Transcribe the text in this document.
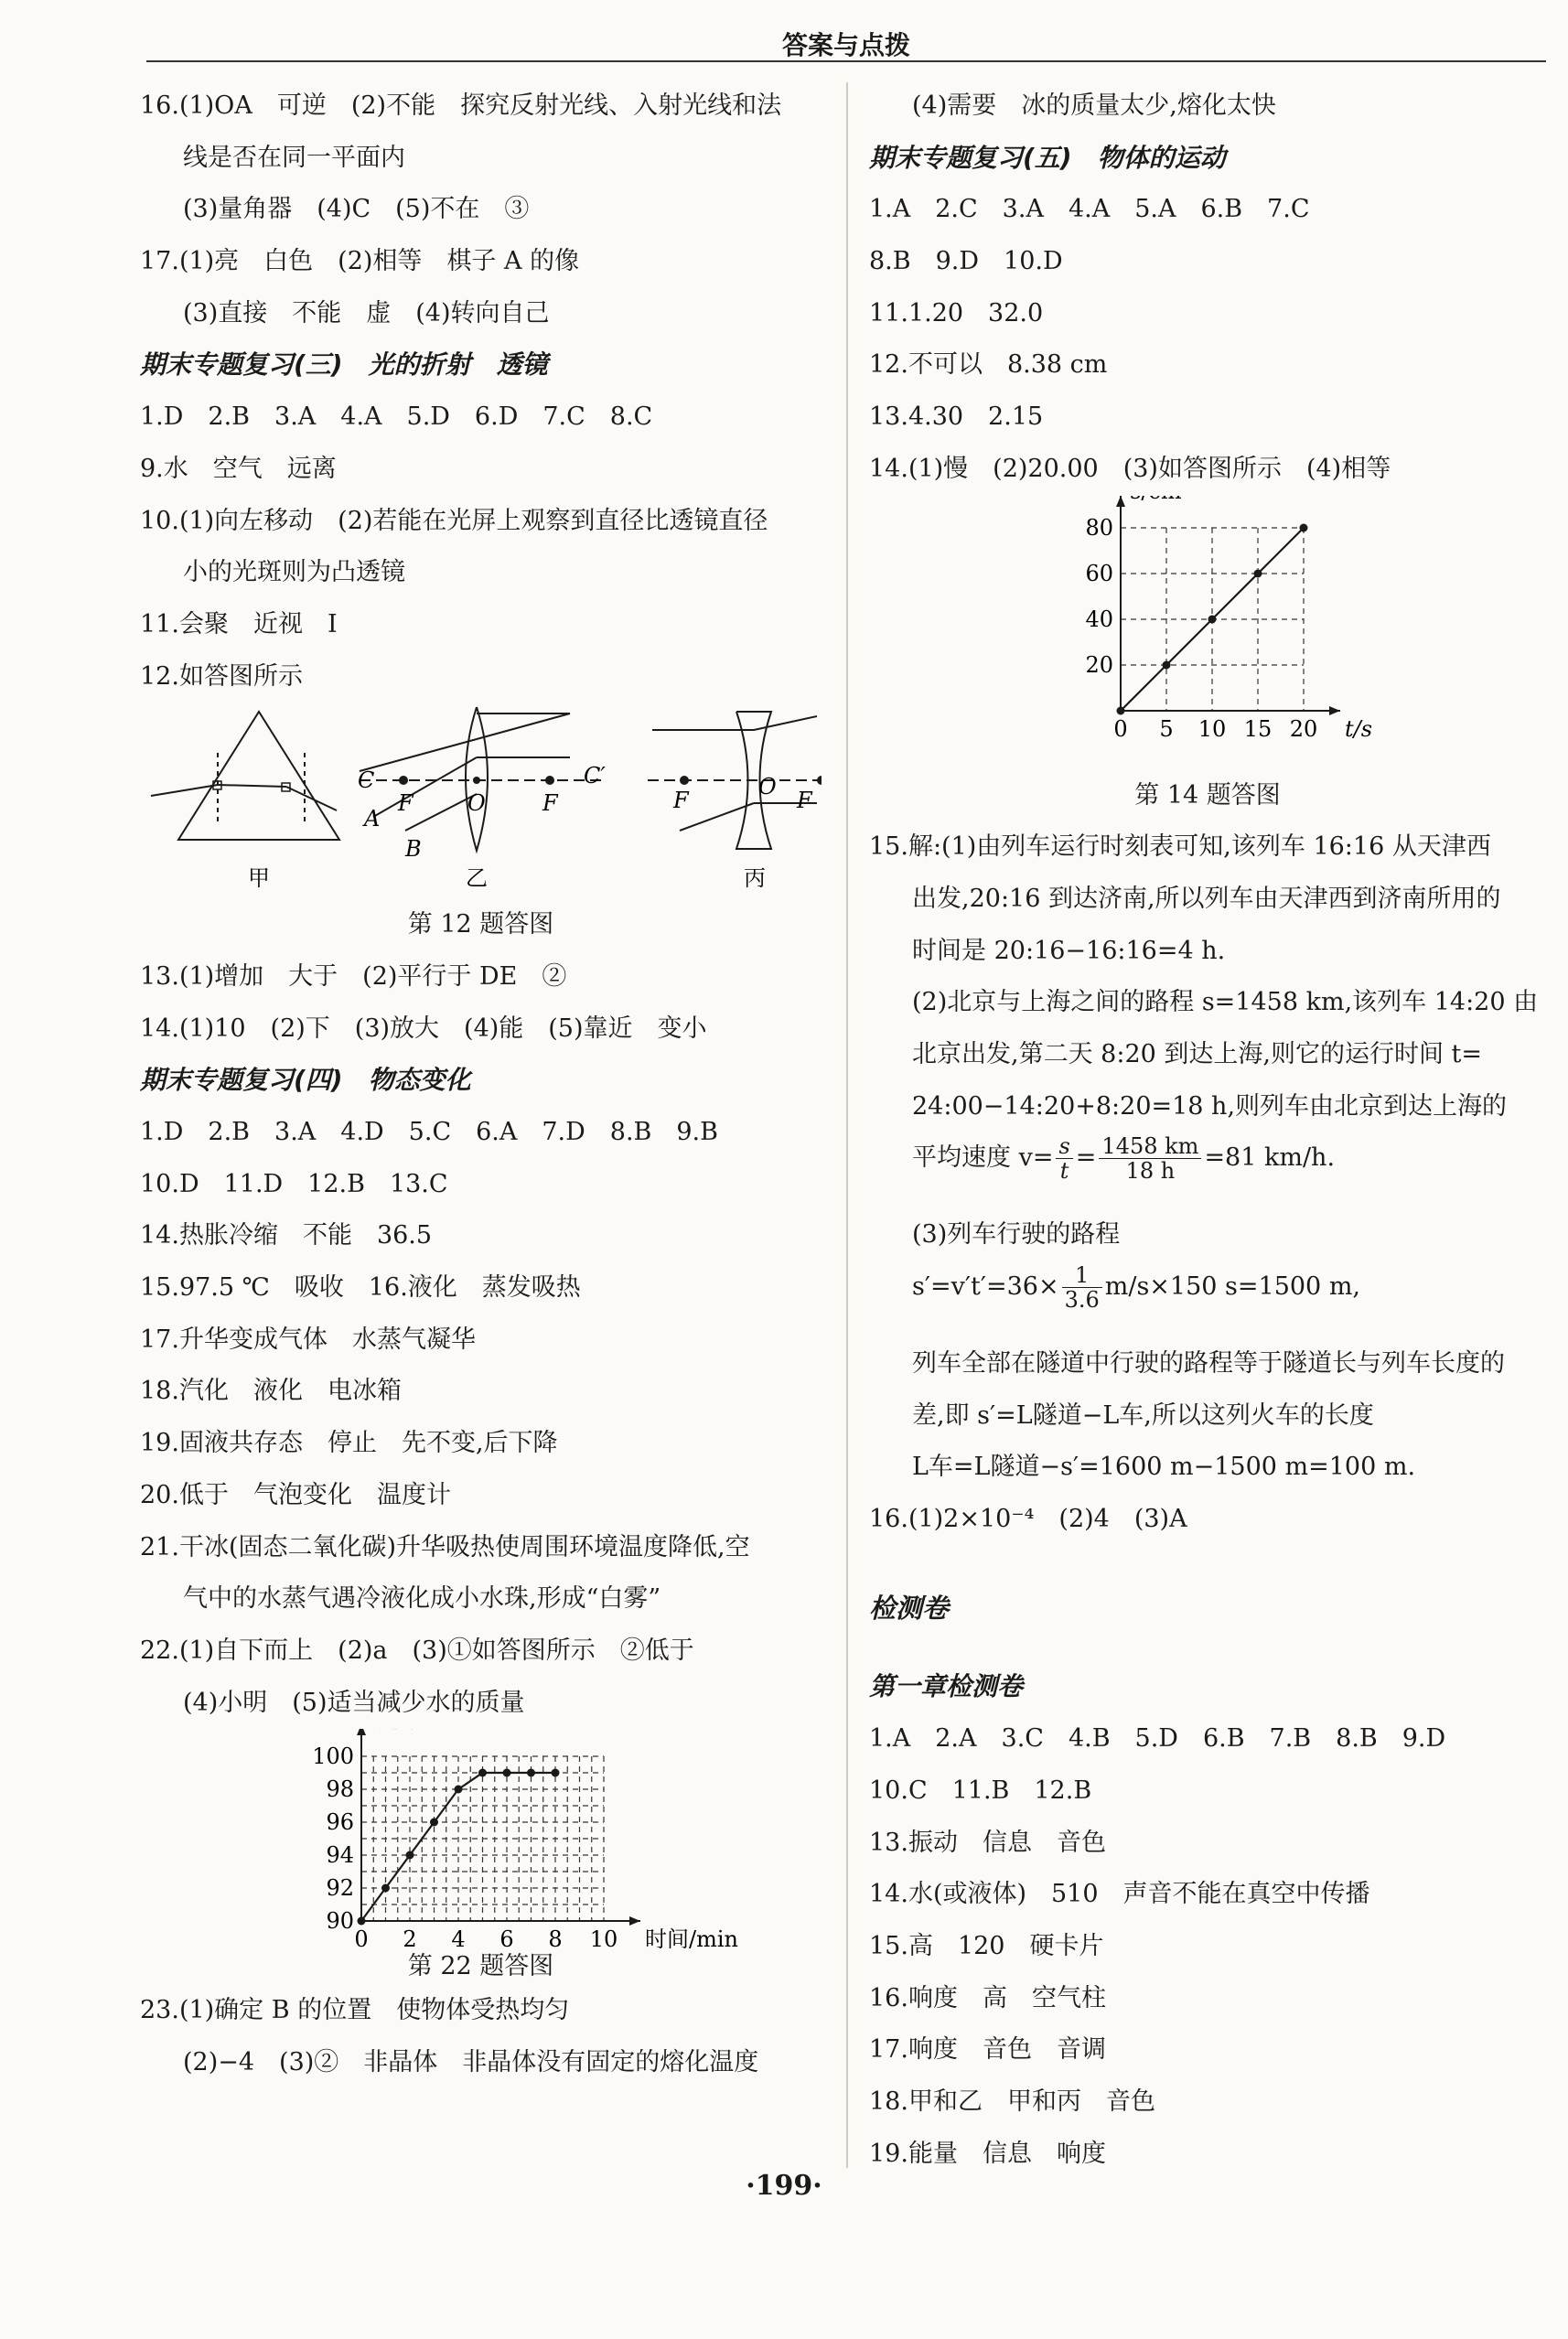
答案与点拨
16.(1)OA　可逆　(2)不能　探究反射光线、入射光线和法
线是否在同一平面内
(3)量角器　(4)C　(5)不在　③
17.(1)亮　白色　(2)相等　棋子 A 的像
(3)直接　不能　虚　(4)转向自己
期末专题复习(三)　光的折射　透镜
1.D　2.B　3.A　4.A　5.D　6.D　7.C　8.C
9.水　空气　远离
10.(1)向左移动　(2)若能在光屏上观察到直径比透镜直径
小的光斑则为凸透镜
11.会聚　近视　I
12.如答图所示
C	C′
F O	F
A
B
F
O
F
甲	乙	丙
第 12 题答图
13.(1)增加　大于　(2)平行于 DE　②
14.(1)10　(2)下　(3)放大　(4)能　(5)靠近　变小
期末专题复习(四)　物态变化
1.D　2.B　3.A　4.D　5.C　6.A　7.D　8.B　9.B
10.D　11.D　12.B　13.C
14.热胀冷缩　不能　36.5
15.97.5 ℃　吸收　16.液化　蒸发吸热
17.升华变成气体　水蒸气凝华
18.汽化　液化　电冰箱
19.固液共存态　停止　先不变,后下降
20.低于　气泡变化　温度计
21.干冰(固态二氧化碳)升华吸热使周围环境温度降低,空
气中的水蒸气遇冷液化成小水珠,形成“白雾”
22.(1)自下而上　(2)a　(3)①如答图所示　②低于
(4)小明　(5)适当减少水的质量
0 2 4 6 8 10
90
92
94
96
98
100
时间/min
第 22 题答图
23.(1)确定 B 的位置　使物体受热均匀
(2)−4　(3)②　非晶体　非晶体没有固定的熔化温度
(4)需要　冰的质量太少,熔化太快
期末专题复习(五)　物体的运动
1.A　2.C　3.A　4.A　5.A　6.B　7.C
8.B　9.D　10.D
11.1.20　32.0
12.不可以　8.38 cm
13.4.30　2.15
14.(1)慢　(2)20.00　(3)如答图所示　(4)相等
0 5 10 15 20
20
40
60
80
t/s
第 14 题答图
15.解:(1)由列车运行时刻表可知,该列车 16:16 从天津西
出发,20:16 到达济南,所以列车由天津西到济南所用的
时间是 20:16−16:16=4 h.
(2)北京与上海之间的路程 s=1458 km,该列车 14:20 由
北京出发,第二天 8:20 到达上海,则它的运行时间 t=
24:00−14:20+8:20=18 h,则列车由北京到达上海的
平均速度 $v= \frac{s}{t} = \frac{1458 km}{18 h} =81$ km/h.
(3)列车行驶的路程
$s'=v't'=36\times \frac{1}{3.6} m/s\times 150$ s=1500 m,
列车全部在隧道中行驶的路程等于隧道长与列车长度的
差,即 s′=L隧道−L车,所以这列火车的长度
L车=L隧道−s′=1600 m−1500 m=100 m.
16.(1)2×10⁻⁴　(2)4　(3)A
检测卷
第一章检测卷
1.A　2.A　3.C　4.B　5.D　6.B　7.B　8.B　9.D
10.C　11.B　12.B
13.振动　信息　音色
14.水(或液体)　510　声音不能在真空中传播
15.高　120　硬卡片
16.响度　高　空气柱
17.响度　音色　音调
18.甲和乙　甲和丙　音色
19.能量　信息　响度
·199·
